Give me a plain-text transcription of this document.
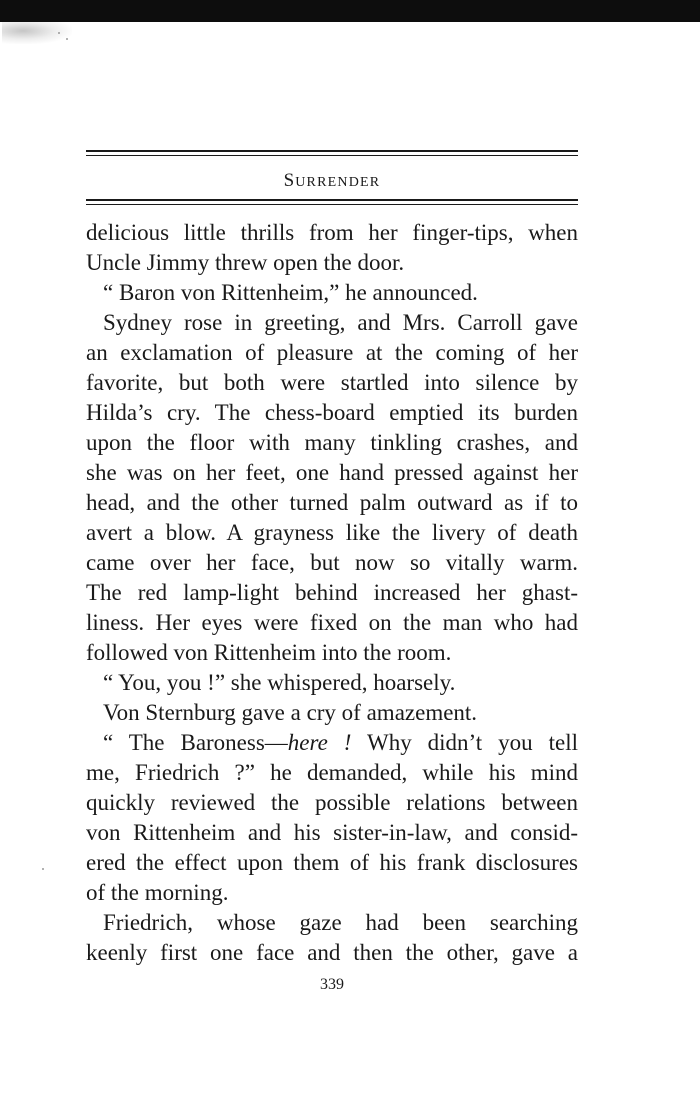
SURRENDER
delicious little thrills from her finger-tips, when
Uncle Jimmy threw open the door.
“ Baron von Rittenheim,” he announced.
Sydney rose in greeting, and Mrs. Carroll gave
an exclamation of pleasure at the coming of her
favorite, but both were startled into silence by
Hilda’s cry. The chess-board emptied its burden
upon the floor with many tinkling crashes, and
she was on her feet, one hand pressed against her
head, and the other turned palm outward as if to
avert a blow. A grayness like the livery of death
came over her face, but now so vitally warm.
The red lamp-light behind increased her ghast-
liness. Her eyes were fixed on the man who had
followed von Rittenheim into the room.
“ You, you !” she whispered, hoarsely.
Von Sternburg gave a cry of amazement.
“ The Baroness—here ! Why didn’t you tell
me, Friedrich ?” he demanded, while his mind
quickly reviewed the possible relations between
von Rittenheim and his sister-in-law, and consid-
ered the effect upon them of his frank disclosures
of the morning.
Friedrich, whose gaze had been searching
keenly first one face and then the other, gave a
339
